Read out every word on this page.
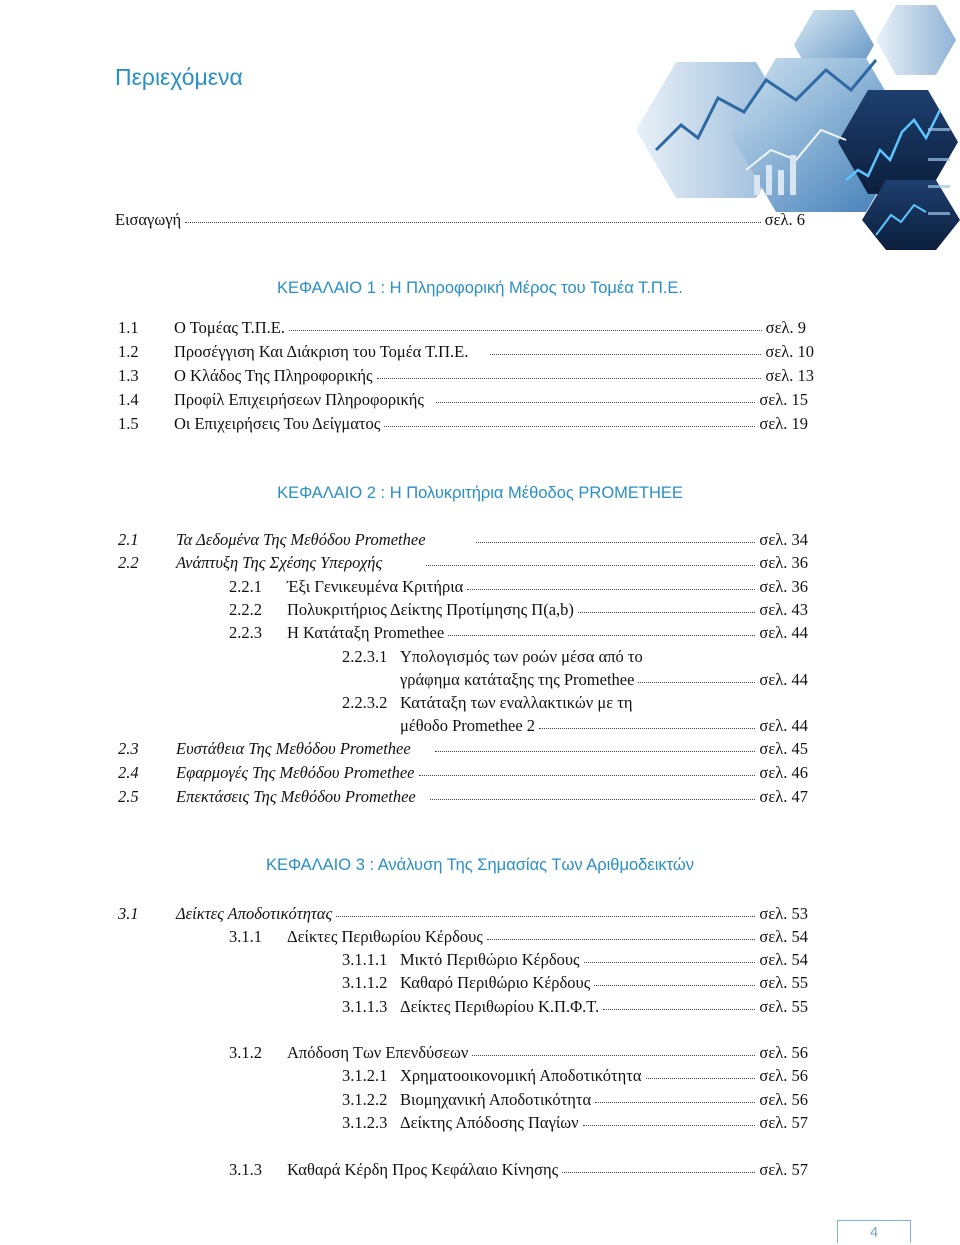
Περιεχόμενα
Εισαγωγή	σελ. 6
ΚΕΦΑΛΑΙΟ 1 : Η Πληροφορική Μέρος του Τομέα Τ.Π.Ε.
1.1	Ο Τομέας Τ.Π.Ε.	σελ. 9
1.2	Προσέγγιση Και Διάκριση του Τομέα Τ.Π.Ε.	σελ. 10
1.3	Ο Κλάδος Της Πληροφορικής	σελ. 13
1.4	Προφίλ Επιχειρήσεων Πληροφορικής	σελ. 15
1.5	Οι Επιχειρήσεις Του Δείγματος	σελ. 19
ΚΕΦΑΛΑΙΟ 2 : Η Πολυκριτήρια Μέθοδος PROMETHEE
2.1	Τα Δεδομένα Της Μεθόδου Promethee	σελ. 34
2.2	Ανάπτυξη Της Σχέσης Υπεροχής	σελ. 36
2.2.1	Έξι Γενικευμένα Κριτήρια	σελ. 36
2.2.2	Πολυκριτήριος Δείκτης Προτίμησης Π(a,b)	σελ. 43
2.2.3	Η Κατάταξη Promethee	σελ. 44
2.2.3.1 Υπολογισμός των ροών μέσα από το
γράφημα κατάταξης της Promethee	σελ. 44
2.2.3.2 Κατάταξη των εναλλακτικών με τη
μέθοδο Promethee 2	σελ. 44
2.3	Ευστάθεια Της Μεθόδου Promethee	σελ. 45
2.4	Εφαρμογές Της Μεθόδου Promethee	σελ. 46
2.5	Επεκτάσεις Της Μεθόδου Promethee	σελ. 47
ΚΕΦΑΛΑΙΟ 3 : Ανάλυση Της Σημασίας Των Αριθμοδεικτών
3.1	Δείκτες Αποδοτικότητας	σελ. 53
3.1.1	Δείκτες Περιθωρίου Κέρδους	σελ. 54
3.1.1.1 Μικτό Περιθώριο Κέρδους	σελ. 54
3.1.1.2 Καθαρό Περιθώριο Κέρδους	σελ. 55
3.1.1.3 Δείκτες Περιθωρίου Κ.Π.Φ.Τ.	σελ. 55
3.1.2	Απόδοση Των Επενδύσεων	σελ. 56
3.1.2.1 Χρηματοοικονομική Αποδοτικότητα	σελ. 56
3.1.2.2 Βιομηχανική Αποδοτικότητα	σελ. 56
3.1.2.3 Δείκτης Απόδοσης Παγίων	σελ. 57
3.1.3	Καθαρά Κέρδη Προς Κεφάλαιο Κίνησης	σελ. 57
4
